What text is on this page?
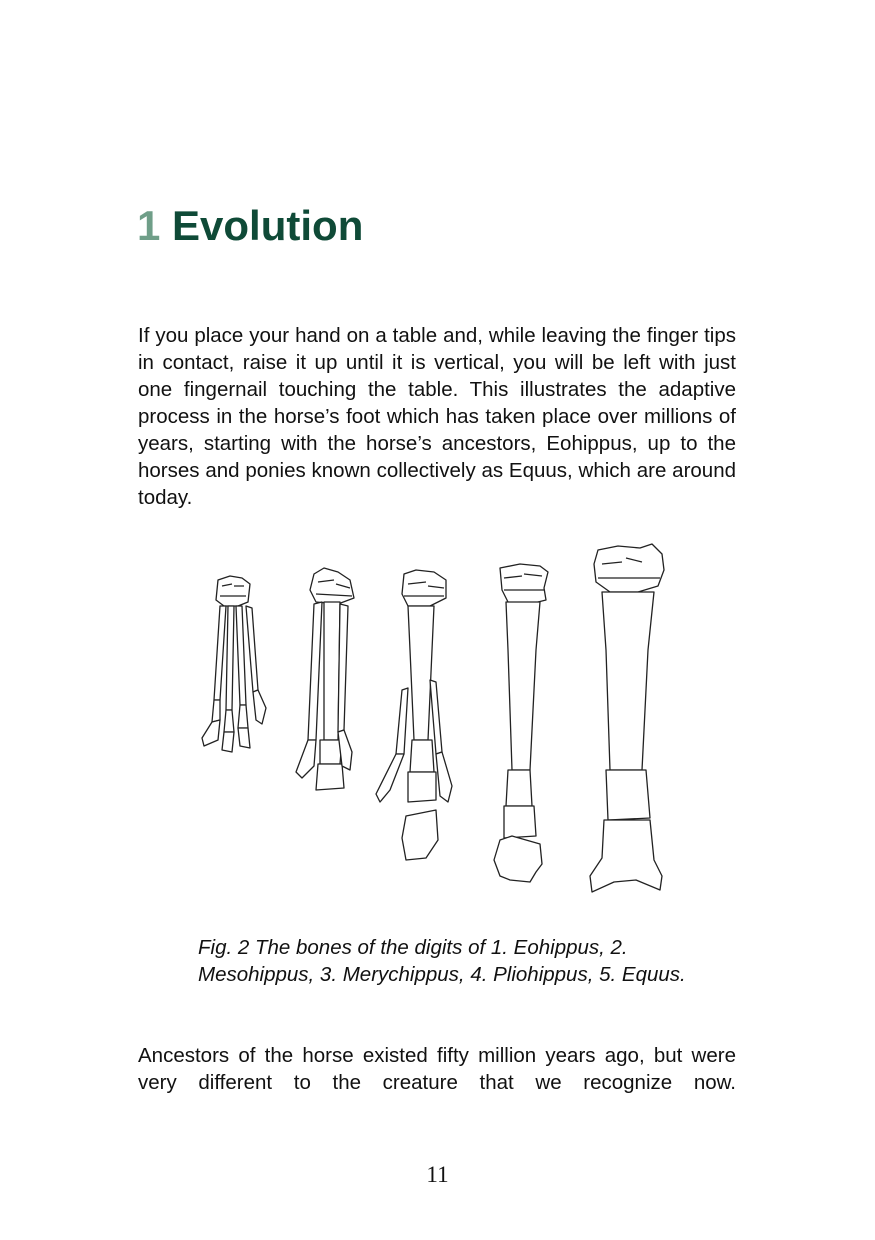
1 Evolution

If you place your hand on a table and, while leaving the finger tips in contact, raise it up until it is vertical, you will be left with just one fingernail touching the table. This illustrates the adaptive process in the horse’s foot which has taken place over millions of years, starting with the horse’s ancestors, Eohippus, up to the horses and ponies known collectively as Equus, which are around today.

Fig. 2 The bones of the digits of 1. Eohippus, 2. Mesohippus, 3. Merychippus, 4. Pliohippus, 5. Equus.

Ancestors of the horse existed fifty million years ago, but were very different to the creature that we recognize now.

11
